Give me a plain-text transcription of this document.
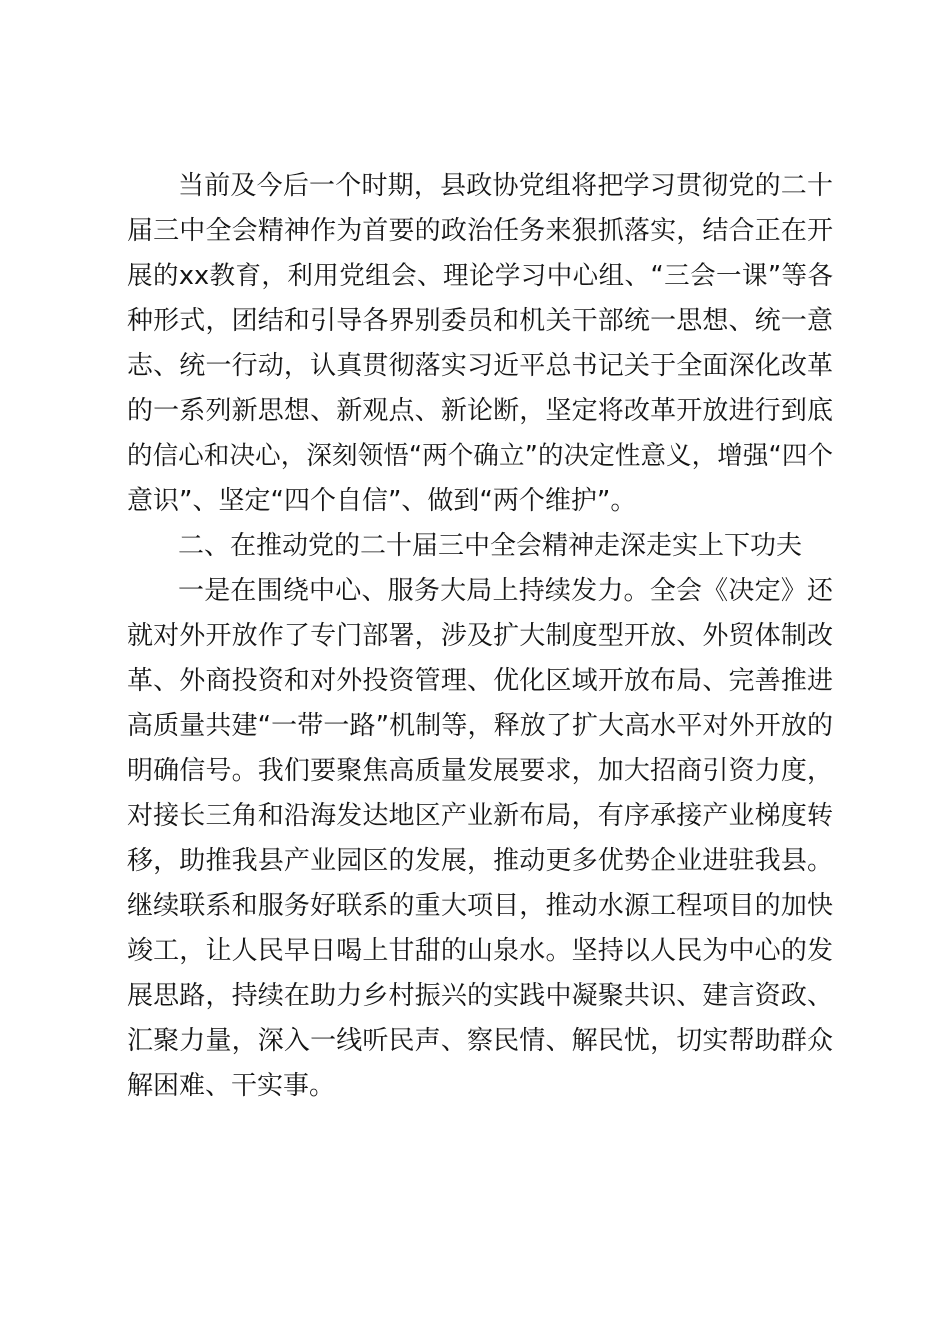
当前及今后一个时期，县政协党组将把学习贯彻党的二十
届三中全会精神作为首要的政治任务来狠抓落实，结合正在开
展的xx教育，利用党组会、理论学习中心组、“三会一课”等各
种形式，团结和引导各界别委员和机关干部统一思想、统一意
志、统一行动，认真贯彻落实习近平总书记关于全面深化改革
的一系列新思想、新观点、新论断，坚定将改革开放进行到底
的信心和决心，深刻领悟“两个确立”的决定性意义，增强“四个
意识”、坚定“四个自信”、做到“两个维护”。
二、在推动党的二十届三中全会精神走深走实上下功夫
一是在围绕中心、服务大局上持续发力。全会《决定》还
就对外开放作了专门部署，涉及扩大制度型开放、外贸体制改
革、外商投资和对外投资管理、优化区域开放布局、完善推进
高质量共建“一带一路”机制等，释放了扩大高水平对外开放的
明确信号。我们要聚焦高质量发展要求，加大招商引资力度，
对接长三角和沿海发达地区产业新布局，有序承接产业梯度转
移，助推我县产业园区的发展，推动更多优势企业进驻我县。
继续联系和服务好联系的重大项目，推动水源工程项目的加快
竣工，让人民早日喝上甘甜的山泉水。坚持以人民为中心的发
展思路，持续在助力乡村振兴的实践中凝聚共识、建言资政、
汇聚力量，深入一线听民声、察民情、解民忧，切实帮助群众
解困难、干实事。
